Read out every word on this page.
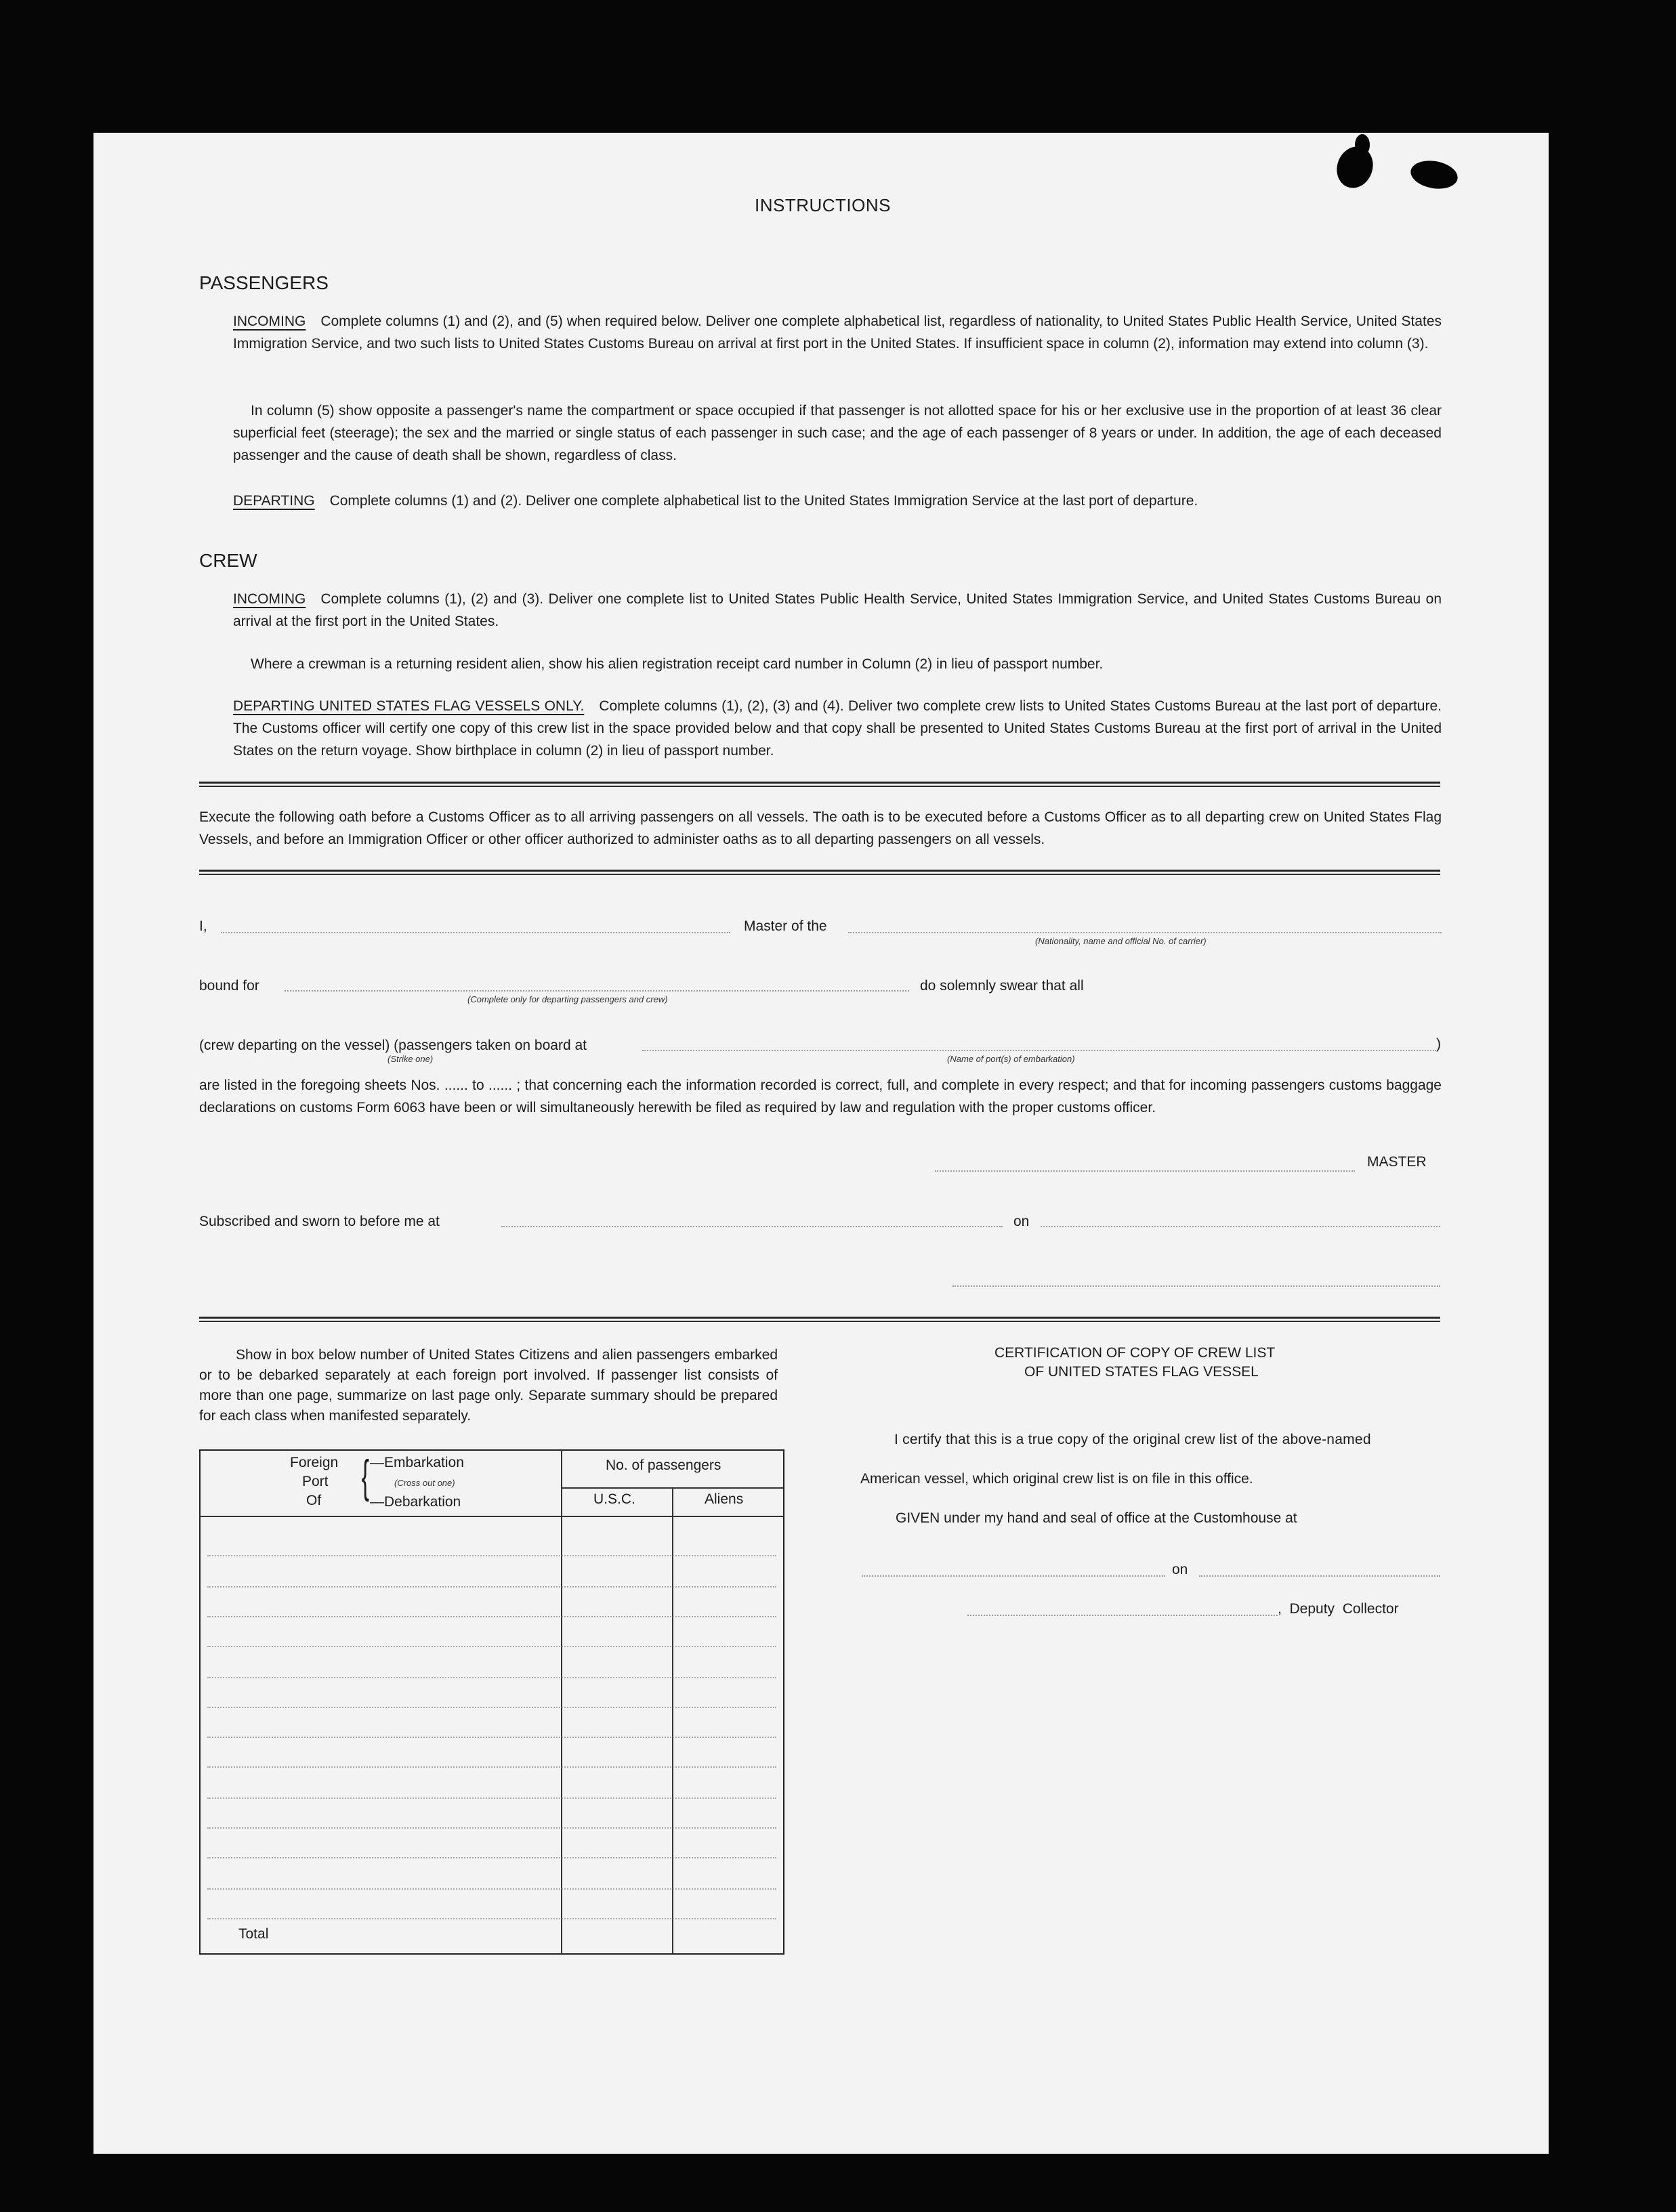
INSTRUCTIONS
PASSENGERS
INCOMING Complete columns (1) and (2), and (5) when required below. Deliver one complete alphabetical list, regardless of nationality, to United States Public Health Service, United States Immigration Service, and two such lists to United States Customs Bureau on arrival at first port in the United States. If insufficient space in column (2), information may extend into column (3).
In column (5) show opposite a passenger's name the compartment or space occupied if that passenger is not allotted space for his or her exclusive use in the proportion of at least 36 clear superficial feet (steerage); the sex and the married or single status of each passenger in such case; and the age of each passenger of 8 years or under. In addition, the age of each deceased passenger and the cause of death shall be shown, regardless of class.
DEPARTING Complete columns (1) and (2). Deliver one complete alphabetical list to the United States Immigration Service at the last port of departure.
CREW
INCOMING Complete columns (1), (2) and (3). Deliver one complete list to United States Public Health Service, United States Immigration Service, and United States Customs Bureau on arrival at the first port in the United States.
Where a crewman is a returning resident alien, show his alien registration receipt card number in Column (2) in lieu of passport number.
DEPARTING UNITED STATES FLAG VESSELS ONLY. Complete columns (1), (2), (3) and (4). Deliver two complete crew lists to United States Customs Bureau at the last port of departure. The Customs officer will certify one copy of this crew list in the space provided below and that copy shall be presented to United States Customs Bureau at the first port of arrival in the United States on the return voyage. Show birthplace in column (2) in lieu of passport number.
Execute the following oath before a Customs Officer as to all arriving passengers on all vessels. The oath is to be executed before a Customs Officer as to all departing crew on United States Flag Vessels, and before an Immigration Officer or other officer authorized to administer oaths as to all departing passengers on all vessels.
I,	Master of the
(Nationality, name and official No. of carrier)
bound for
(Complete only for departing passengers and crew)
do solemnly swear that all
(crew departing on the vessel) (passengers taken on board at
(Strike one)	(Name of port(s) of embarkation)
)
are listed in the foregoing sheets Nos. ...... to ...... ; that concerning each the information recorded is correct, full, and complete in every respect; and that for incoming passengers customs baggage declarations on customs Form 6063 have been or will simultaneously herewith be filed as required by law and regulation with the proper customs officer.
MASTER
Subscribed and sworn to before me at	on
Show in box below number of United States Citizens and alien passengers embarked or to be debarked separately at each foreign port involved. If passenger list consists of more than one page, summarize on last page only. Separate summary should be prepared for each class when manifested separately.
Foreign
Port
Of { —Embarkation
(Cross out one)
—Debarkation
No. of passengers
U.S.C.	Aliens
Total
CERTIFICATION OF COPY OF CREW LIST
OF UNITED STATES FLAG VESSEL
I certify that this is a true copy of the original crew list of the above-named
American vessel, which original crew list is on file in this office.
GIVEN under my hand and seal of office at the Customhouse at
on
,  Deputy  Collector
